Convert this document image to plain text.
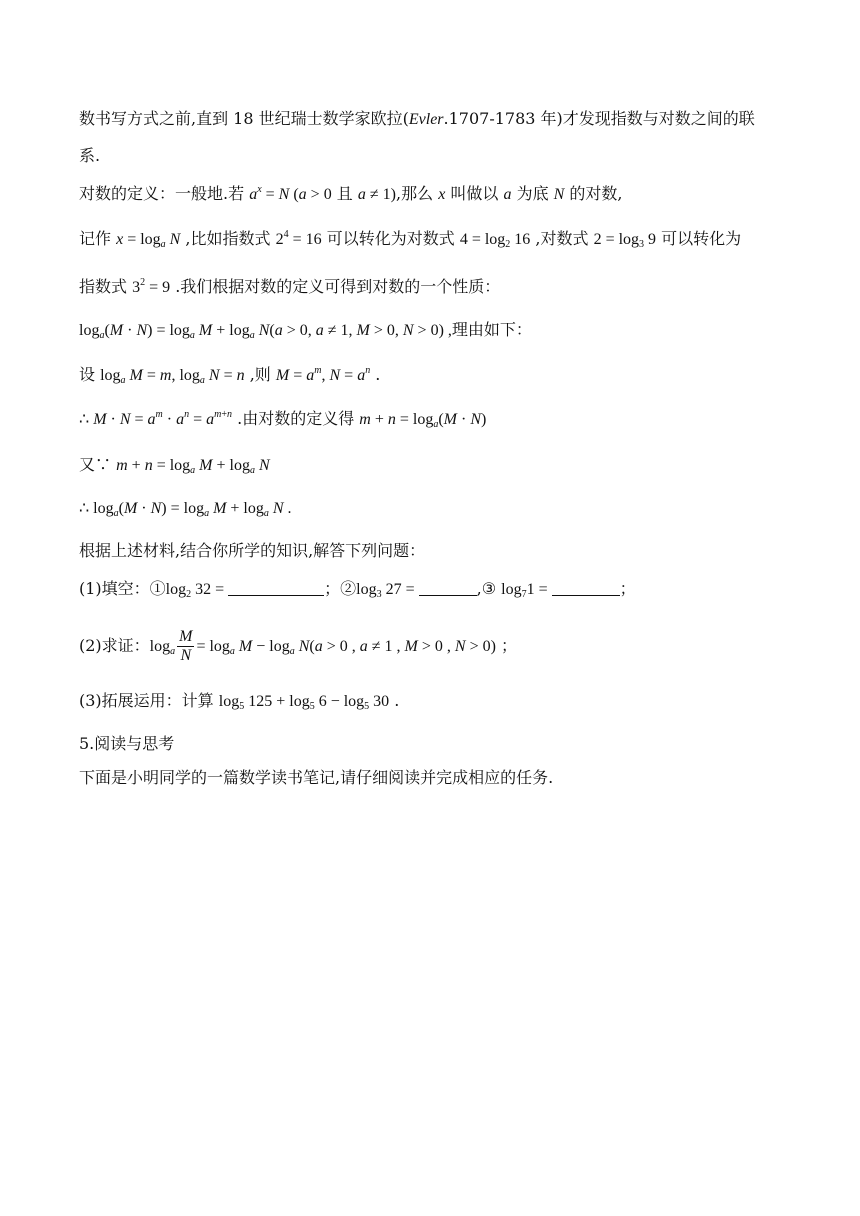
数书写方式之前,直到 18 世纪瑞士数学家欧拉(Evler.1707-1783 年)才发现指数与对数之间的联
系.
对数的定义：一般地.若 $a^x = N$ (a > 0 且 a ≠ 1),那么 x 叫做以 a 为底 N 的对数,
记作 $x = \log_a N$ ,比如指数式 $2^4 = 16$ 可以转化为对数式 $4 = \log_2 16$ ,对数式 $2 = \log_3 9$ 可以转化为
指数式 $3^2 = 9$ .我们根据对数的定义可得到对数的一个性质：
$\log_a(M \cdot N) = \log_a M + \log_a N(a > 0$, a ≠ 1, M > 0, N > 0) ,理由如下：
设 $\log_a M = m$, $\log_a N = n$ ,则 $M = a^m$, $N = a^n$ .
∴ $M \cdot N = a^m \cdot a^n = a^{m+n}$ .由对数的定义得 $m + n = \log_a(M \cdot N)$
又∵ $m + n = \log_a M + \log_a N$
∴ $\log_a(M \cdot N) = \log_a M + \log_a N$ .
根据上述材料,结合你所学的知识,解答下列问题：
(1)填空：$①\log_2$ 32 =	；$②\log_3$ 27 =	,③ $\log_71$ =	；
(2)求证：$\log_a \frac{M}{N} = \log_a M - \log_a N(a > 0$ , a ≠ 1 , M > 0 , N > 0) ；
(3)拓展运用：计算 $\log_5 125 + \log_5 6 - \log_5 30$ .
5.阅读与思考
下面是小明同学的一篇数学读书笔记,请仔细阅读并完成相应的任务.
